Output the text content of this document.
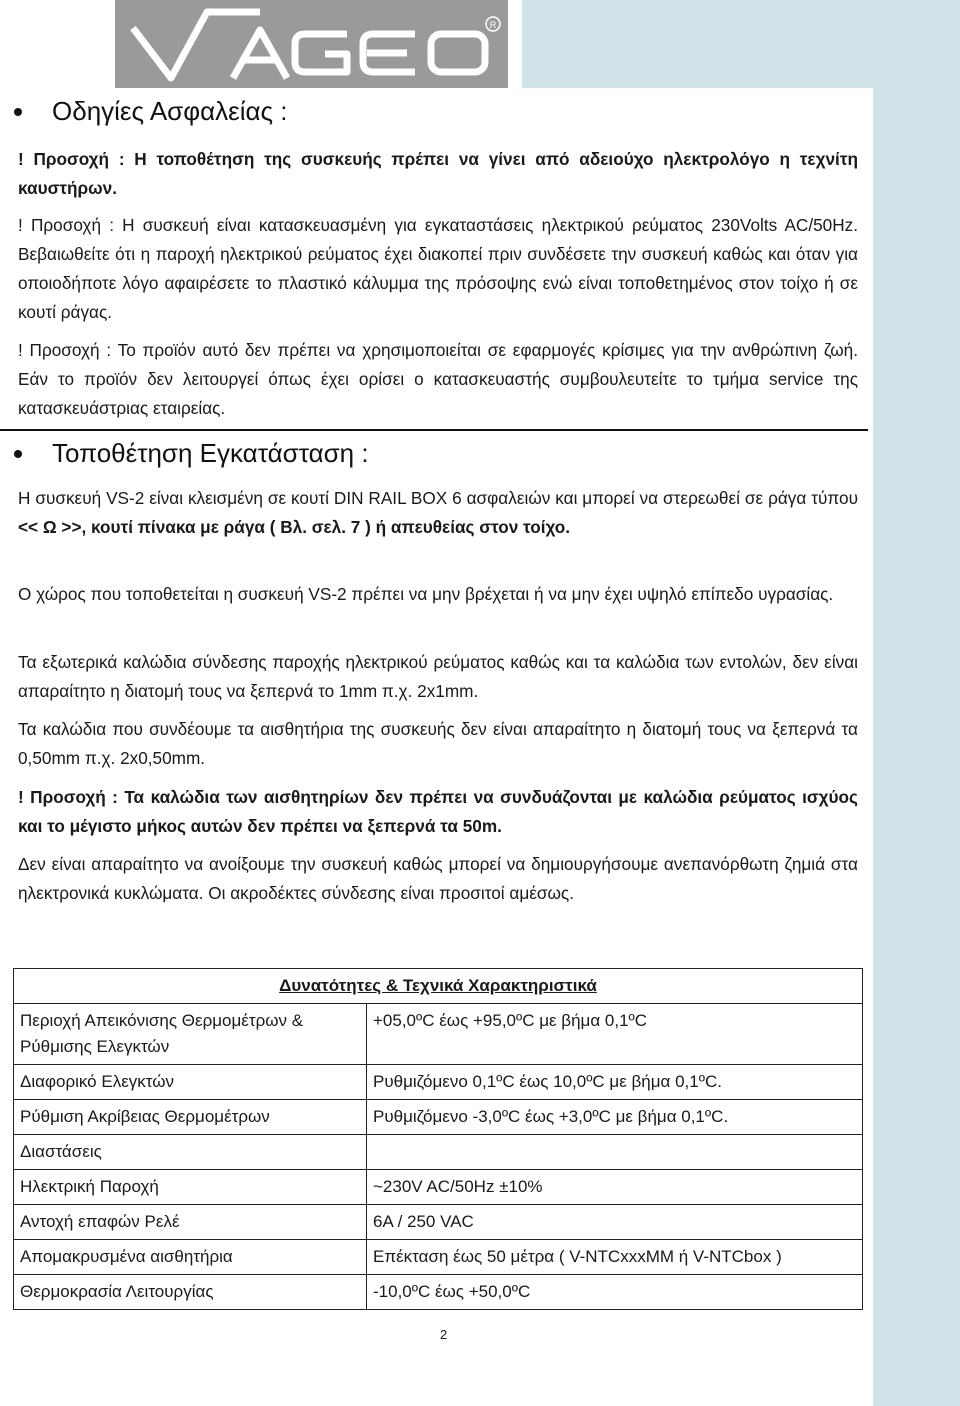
R
Οδηγίες Ασφαλείας :

! Προσοχή : Η τοποθέτηση της συσκευής πρέπει να γίνει από αδειούχο ηλεκτρολόγο η τεχνίτη καυστήρων.

! Προσοχή : Η συσκευή είναι κατασκευασμένη για εγκαταστάσεις ηλεκτρικού ρεύματος 230Volts AC/50Hz. Βεβαιωθείτε ότι η παροχή ηλεκτρικού ρεύματος έχει διακοπεί πριν συνδέσετε την συσκευή καθώς και όταν για οποιοδήποτε λόγο αφαιρέσετε το πλαστικό κάλυμμα της πρόσοψης ενώ είναι τοποθετημένος στον τοίχο ή σε κουτί ράγας.

! Προσοχή : Το προϊόν αυτό δεν πρέπει να χρησιμοποιείται σε εφαρμογές κρίσιμες για την ανθρώπινη ζωή. Εάν το προϊόν δεν λειτουργεί όπως έχει ορίσει ο κατασκευαστής συμβουλευτείτε το τμήμα service της κατασκευάστριας εταιρείας.

Τοποθέτηση Εγκατάσταση :

Η συσκευή VS-2 είναι κλεισμένη σε κουτί DIN RAIL BOX 6 ασφαλειών και μπορεί να στερεωθεί σε ράγα τύπου << Ω >>, κουτί πίνακα με ράγα ( Βλ. σελ. 7 ) ή απευθείας στον τοίχο.

Ο χώρος που τοποθετείται η συσκευή VS-2 πρέπει να μην βρέχεται ή να μην έχει υψηλό επίπεδο υγρασίας.

Τα εξωτερικά καλώδια σύνδεσης παροχής ηλεκτρικού ρεύματος καθώς και τα καλώδια των εντολών, δεν είναι απαραίτητο η διατομή τους να ξεπερνά το 1mm π.χ. 2x1mm.

Τα καλώδια που συνδέουμε τα αισθητήρια της συσκευής δεν είναι απαραίτητο η διατομή τους να ξεπερνά τα 0,50mm π.χ. 2x0,50mm.

! Προσοχή : Τα καλώδια των αισθητηρίων δεν πρέπει να συνδυάζονται με καλώδια ρεύματος ισχύος και το μέγιστο μήκος αυτών δεν πρέπει να ξεπερνά τα 50m.

Δεν είναι απαραίτητο να ανοίξουμε την συσκευή καθώς μπορεί να δημιουργήσουμε ανεπανόρθωτη ζημιά στα ηλεκτρονικά κυκλώματα. Οι ακροδέκτες σύνδεσης είναι προσιτοί αμέσως.

Δυνατότητες & Τεχνικά Χαρακτηριστικά	
Περιοχή Απεικόνισης Θερμομέτρων & Ρύθμισης Ελεγκτών	+05,0ºC έως +95,0ºC με βήμα 0,1ºC
Διαφορικό Ελεγκτών	Ρυθμιζόμενο 0,1ºC έως 10,0ºC με βήμα 0,1ºC.
Ρύθμιση Ακρίβειας Θερμομέτρων	Ρυθμιζόμενο -3,0ºC έως +3,0ºC με βήμα 0,1ºC.
Διαστάσεις	
Ηλεκτρική Παροχή	~230V AC/50Hz ±10%
Αντοχή επαφών Ρελέ	6A / 250 VAC
Απομακρυσμένα αισθητήρια	Επέκταση έως 50 μέτρα ( V-NTCxxxMM ή V-NTCbox )
Θερμοκρασία Λειτουργίας	-10,0ºC έως +50,0ºC
2
